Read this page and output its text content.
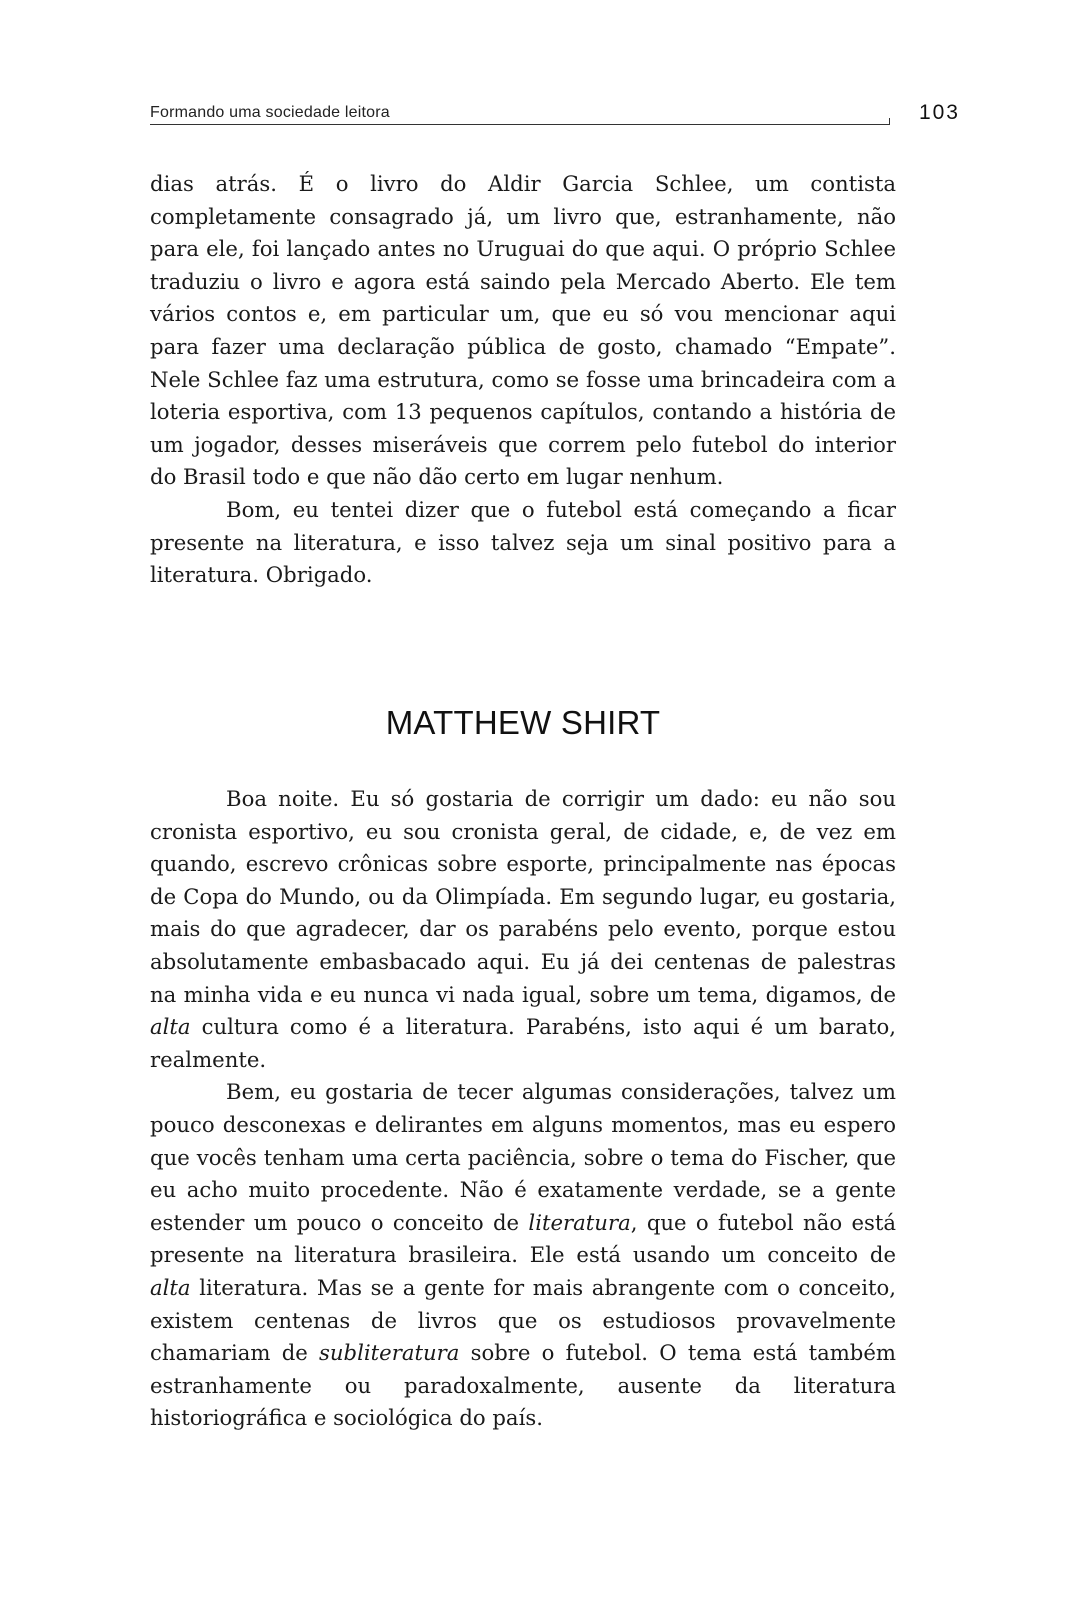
Formando uma sociedade leitora	103

dias atrás. É o livro do Aldir Garcia Schlee, um contista completamente consagrado já, um livro que, estranhamente, não para ele, foi lançado antes no Uruguai do que aqui. O próprio Schlee traduziu o livro e agora está saindo pela Mercado Aberto. Ele tem vários contos e, em particular um, que eu só vou mencionar aqui para fazer uma declaração pública de gosto, chamado “Empate”. Nele Schlee faz uma estrutura, como se fosse uma brincadeira com a loteria esportiva, com 13 pequenos capítulos, contando a história de um jogador, desses miseráveis que correm pelo futebol do interior do Brasil todo e que não dão certo em lugar nenhum.

Bom, eu tentei dizer que o futebol está começando a ficar presente na literatura, e isso talvez seja um sinal positivo para a literatura. Obrigado.

MATTHEW SHIRT

Boa noite. Eu só gostaria de corrigir um dado: eu não sou cronista esportivo, eu sou cronista geral, de cidade, e, de vez em quando, escrevo crônicas sobre esporte, principalmente nas épocas de Copa do Mundo, ou da Olimpíada. Em segundo lugar, eu gostaria, mais do que agradecer, dar os parabéns pelo evento, porque estou absolutamente embasbacado aqui. Eu já dei centenas de palestras na minha vida e eu nunca vi nada igual, sobre um tema, digamos, de alta cultura como é a literatura. Parabéns, isto aqui é um barato, realmente.

Bem, eu gostaria de tecer algumas considerações, talvez um pouco desconexas e delirantes em alguns momentos, mas eu espero que vocês tenham uma certa paciência, sobre o tema do Fischer, que eu acho muito procedente. Não é exatamente verdade, se a gente estender um pouco o conceito de literatura, que o futebol não está presente na literatura brasileira. Ele está usando um conceito de alta literatura. Mas se a gente for mais abrangente com o conceito, existem centenas de livros que os estudiosos provavelmente chamariam de subliteratura sobre o futebol. O tema está também estranhamente ou paradoxalmente, ausente da literatura historiográfica e sociológica do país.
